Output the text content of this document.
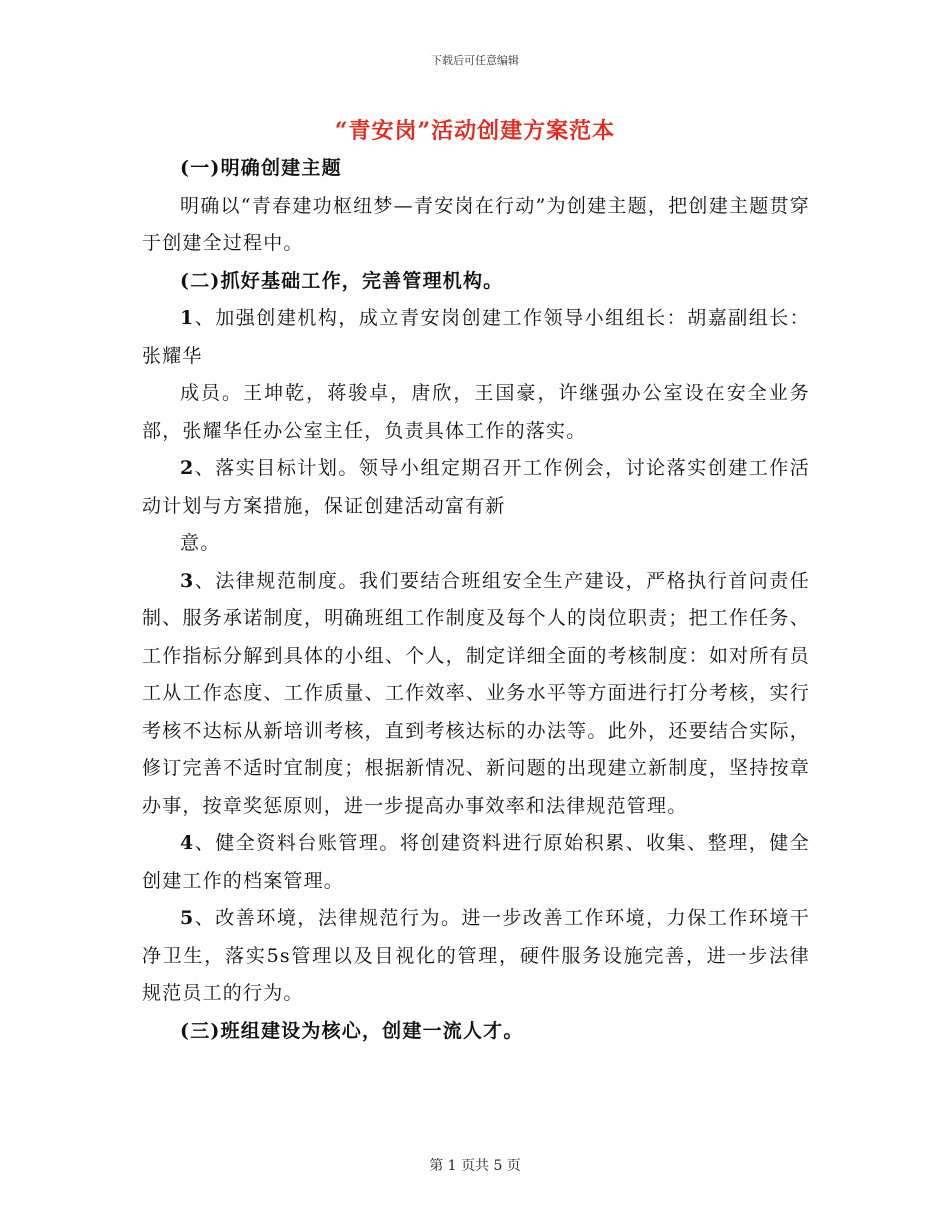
下载后可任意编辑
“青安岗”活动创建方案范本

(一)明确创建主题

明确以“青春建功枢纽梦—青安岗在行动”为创建主题，把创建主题贯穿于创建全过程中。

(二)抓好基础工作，完善管理机构。

1、加强创建机构，成立青安岗创建工作领导小组组长：胡嘉副组长：张耀华

成员。王坤乾，蒋骏卓，唐欣，王国豪，许继强办公室设在安全业务部，张耀华任办公室主任，负责具体工作的落实。

2、落实目标计划。领导小组定期召开工作例会，讨论落实创建工作活动计划与方案措施，保证创建活动富有新

意。

3、法律规范制度。我们要结合班组安全生产建设，严格执行首问责任制、服务承诺制度，明确班组工作制度及每个人的岗位职责；把工作任务、工作指标分解到具体的小组、个人，制定详细全面的考核制度：如对所有员工从工作态度、工作质量、工作效率、业务水平等方面进行打分考核，实行考核不达标从新培训考核，直到考核达标的办法等。此外，还要结合实际，修订完善不适时宜制度；根据新情况、新问题的出现建立新制度，坚持按章办事，按章奖惩原则，进一步提高办事效率和法律规范管理。

4、健全资料台账管理。将创建资料进行原始积累、收集、整理，健全创建工作的档案管理。

5、改善环境，法律规范行为。进一步改善工作环境，力保工作环境干净卫生，落实5s管理以及目视化的管理，硬件服务设施完善，进一步法律规范员工的行为。

(三)班组建设为核心，创建一流人才。

第 1 页共 5 页
